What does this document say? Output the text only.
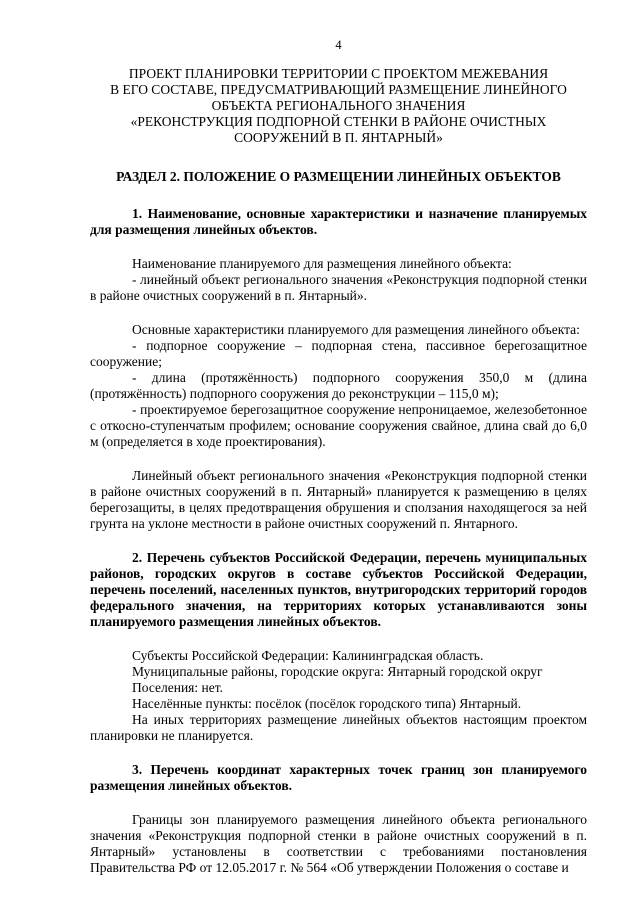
4
ПРОЕКТ ПЛАНИРОВКИ ТЕРРИТОРИИ С ПРОЕКТОМ МЕЖЕВАНИЯ
В ЕГО СОСТАВЕ, ПРЕДУСМАТРИВАЮЩИЙ РАЗМЕЩЕНИЕ ЛИНЕЙНОГО
ОБЪЕКТА РЕГИОНАЛЬНОГО ЗНАЧЕНИЯ
«РЕКОНСТРУКЦИЯ ПОДПОРНОЙ СТЕНКИ В РАЙОНЕ ОЧИСТНЫХ
СООРУЖЕНИЙ В П. ЯНТАРНЫЙ»
РАЗДЕЛ 2. ПОЛОЖЕНИЕ О РАЗМЕЩЕНИИ ЛИНЕЙНЫХ ОБЪЕКТОВ

1. Наименование, основные характеристики и назначение планируемых для размещения линейных объектов.

Наименование планируемого для размещения линейного объекта:

- линейный объект регионального значения «Реконструкция подпорной стенки в районе очистных сооружений в п. Янтарный».

Основные характеристики планируемого для размещения линейного объекта:

- подпорное сооружение – подпорная стена, пассивное берегозащитное сооружение;

- длина (протяжённость) подпорного сооружения 350,0 м (длина (протяжённость) подпорного сооружения до реконструкции – 115,0 м);

- проектируемое берегозащитное сооружение непроницаемое, железобетонное с откосно-ступенчатым профилем; основание сооружения свайное, длина свай до 6,0 м (определяется в ходе проектирования).

Линейный объект регионального значения «Реконструкция подпорной стенки в районе очистных сооружений в п. Янтарный» планируется к размещению в целях берегозащиты, в целях предотвращения обрушения и сползания находящегося за ней грунта на уклоне местности в районе очистных сооружений п. Янтарного.

2. Перечень субъектов Российской Федерации, перечень муниципальных районов, городских округов в составе субъектов Российской Федерации, перечень поселений, населенных пунктов, внутригородских территорий городов федерального значения, на территориях которых устанавливаются зоны планируемого размещения линейных объектов.

Субъекты Российской Федерации: Калининградская область.
Муниципальные районы, городские округа: Янтарный городской округ
Поселения: нет.
Населённые пункты: посёлок (посёлок городского типа) Янтарный.

На иных территориях размещение линейных объектов настоящим проектом планировки не планируется.

3. Перечень координат характерных точек границ зон планируемого размещения линейных объектов.

Границы зон планируемого размещения линейного объекта регионального значения «Реконструкция подпорной стенки в районе очистных сооружений в п. Янтарный» установлены в соответствии с требованиями постановления Правительства РФ от 12.05.2017 г. № 564 «Об утверждении Положения о составе и
